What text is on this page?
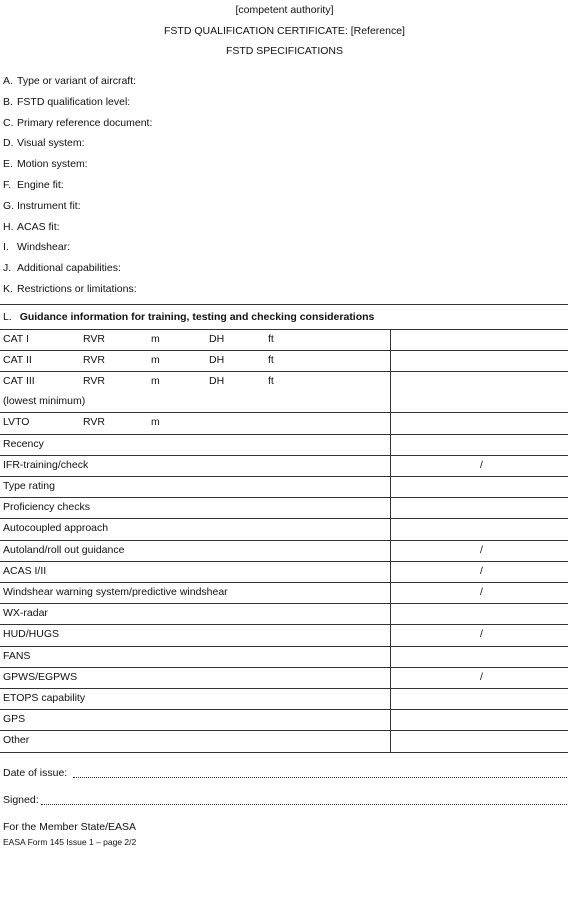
[competent authority]
FSTD QUALIFICATION CERTIFICATE: [Reference]
FSTD SPECIFICATIONS
A. Type or variant of aircraft:
B. FSTD qualification level:
C. Primary reference document:
D. Visual system:
E. Motion system:
F. Engine fit:
G. Instrument fit:
H. ACAS fit:
I. Windshear:
J. Additional capabilities:
K. Restrictions or limitations:
L. Guidance information for training, testing and checking considerations
CAT I	RVR	m	DH	ft
CAT II	RVR	m	DH	ft
CAT III	RVR	m	DH	ft
(lowest minimum)
LVTO	RVR	m
Recency
IFR-training/check	/
Type rating
Proficiency checks
Autocoupled approach
Autoland/roll out guidance	/
ACAS I/II	/
Windshear warning system/predictive windshear	/
WX-radar
HUD/HUGS	/
FANS
GPWS/EGPWS	/
ETOPS capability
GPS
Other
Date of issue:
Signed:
For the Member State/EASA
EASA Form 145 Issue 1 – page 2/2
